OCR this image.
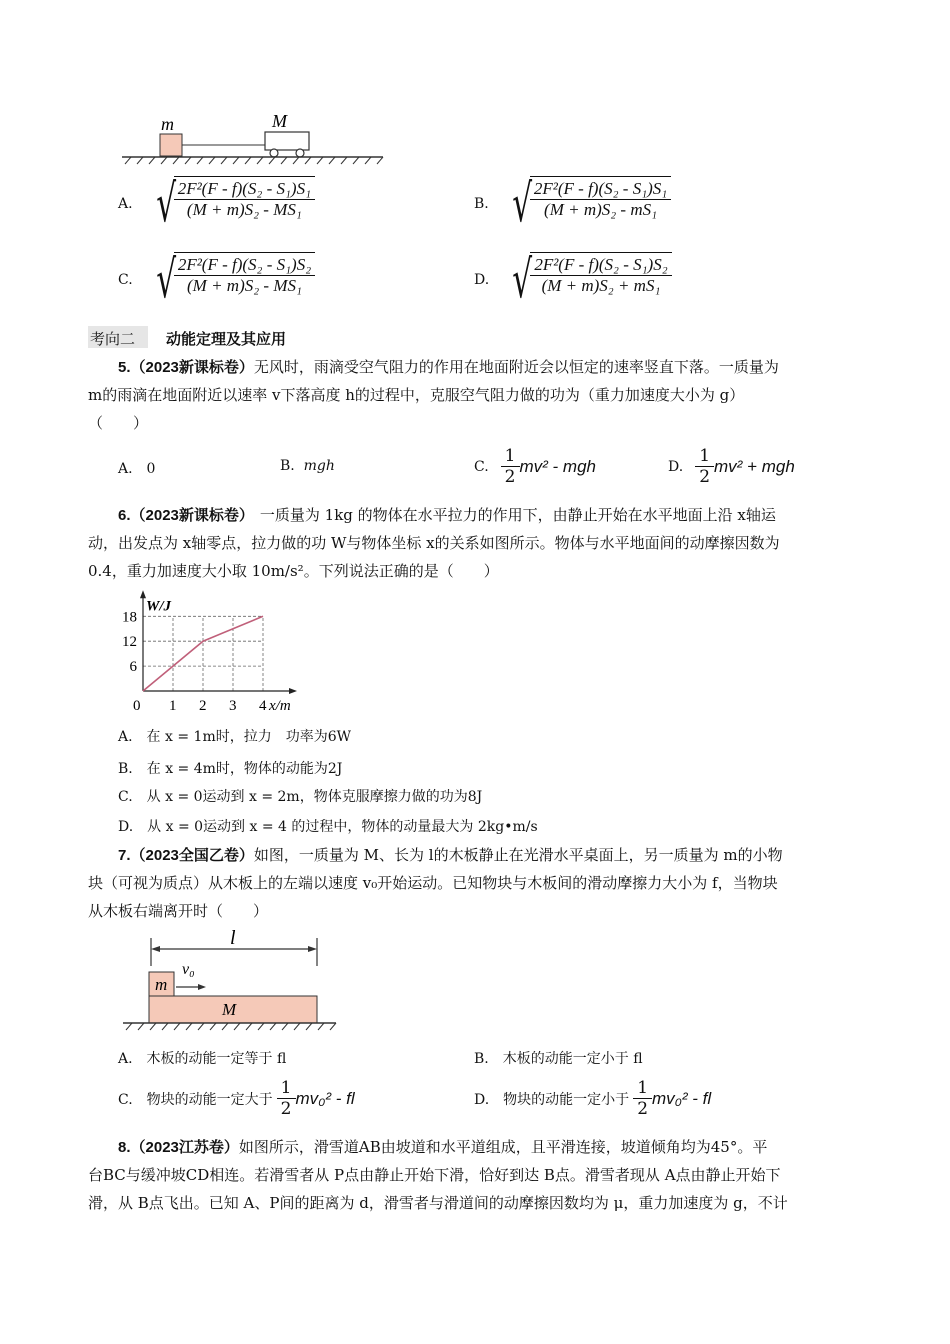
m	M
A. √
$\frac{\text{2F²(F - f)(S₂ - S₁)S₁}}{\text{(M + m)S₂ - MS₁}}$	B. √
$\frac{\text{2F²(F - f)(S₂ - S₁)S₁}}{\text{(M + m)S₂ - mS₁}}$
C. √
$\frac{\text{2F²(F - f)(S₂ - S₁)S₂}}{\text{(M + m)S₂ - MS₁}}$	D. √
$\frac{\text{2F²(F - f)(S₂ - S₁)S₂}}{\text{(M + m)S₂ + mS₁}}$
考向二 动能定理及其应用
5.（2023新课标卷）无风时，雨滴受空气阻力的作用在地面附近会以恒定的速率竖直下落。一质量为
m的雨滴在地面附近以速率 v下落高度 h的过程中，克服空气阻力做的功为（重力加速度大小为 g）
（　　）
A.　0	B. mgh	C. $\frac{1}{2} mv^2$ - mgh	D. $\frac{1}{2} mv^2$ + mgh
6.（2023新课标卷） 一质量为 1kg 的物体在水平拉力的作用下，由静止开始在水平地面上沿 x轴运
动，出发点为 x轴零点，拉力做的功 W与物体坐标 x的关系如图所示。物体与水平地面间的动摩擦因数为
0.4，重力加速度大小取 10m/s²。下列说法正确的是（　　）
0 1 2 3 4
6
12
18
x/m
W/J
A.　在 x = 1m时，拉力　功率为6W
B.　在 x = 4m时，物体的动能为2J
C.　从 x = 0运动到 x = 2m，物体克服摩擦力做的功为8J
D.　从 x = 0运动到 x = 4 的过程中，物体的动量最大为 2kg•m/s
7.（2023全国乙卷）如图，一质量为 M、长为 l的木板静止在光滑水平桌面上，另一质量为 m的小物
块（可视为质点）从木板上的左端以速度 v₀开始运动。已知物块与木板间的滑动摩擦力大小为 f，当物块
从木板右端离开时（　　）
l
m
v₀
M
A.　木板的动能一定等于 fl	B.　木板的动能一定小于 fl
C.　物块的动能一定大于 $\frac{1}{2} mv_0^2$ - fl	D.　物块的动能一定小于 $\frac{1}{2} mv_0^2$ - fl
8.（2023江苏卷）如图所示，滑雪道AB由坡道和水平道组成，且平滑连接，坡道倾角均为45°。平
台BC与缓冲坡CD相连。若滑雪者从 P点由静止开始下滑，恰好到达 B点。滑雪者现从 A点由静止开始下
滑，从 B点飞出。已知 A、P间的距离为 d，滑雪者与滑道间的动摩擦因数均为 μ，重力加速度为 g，不计
